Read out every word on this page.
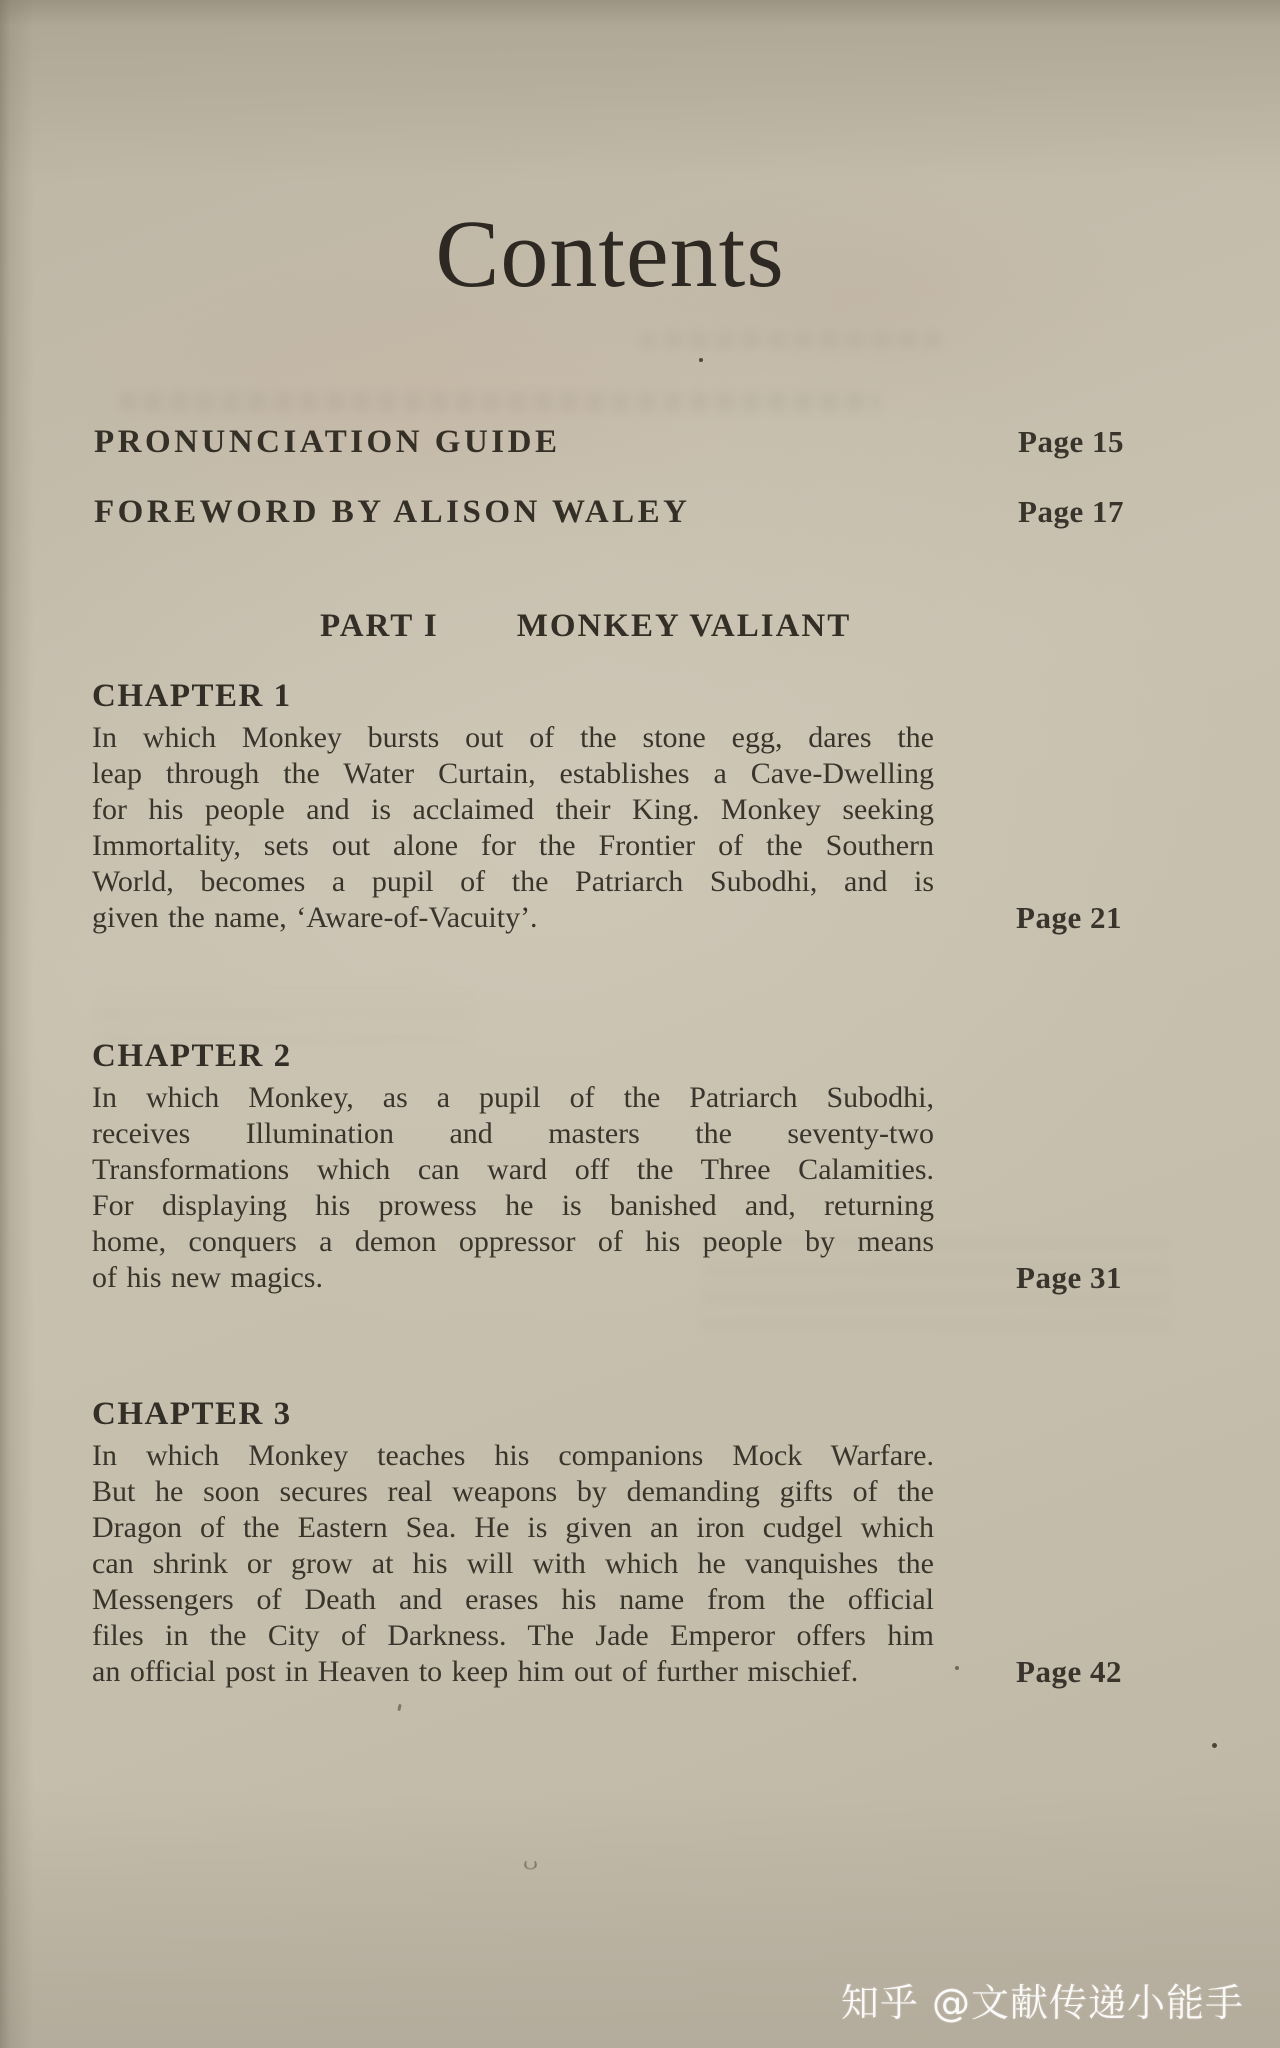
Contents
PRONUNCIATION GUIDE	Page 15
FOREWORD BY ALISON WALEY	Page 17
PART I MONKEY VALIANT
CHAPTER 1
In which Monkey bursts out of the stone egg, dares the
leap through the Water Curtain, establishes a Cave-Dwelling
for his people and is acclaimed their King. Monkey seeking
Immortality, sets out alone for the Frontier of the Southern
World, becomes a pupil of the Patriarch Subodhi, and is
given the name, ‘Aware-of-Vacuity’.	Page 21
CHAPTER 2
In which Monkey, as a pupil of the Patriarch Subodhi,
receives Illumination and masters the seventy-two
Transformations which can ward off the Three Calamities.
For displaying his prowess he is banished and, returning
home, conquers a demon oppressor of his people by means
of his new magics.	Page 31
CHAPTER 3
In which Monkey teaches his companions Mock Warfare.
But he soon secures real weapons by demanding gifts of the
Dragon of the Eastern Sea. He is given an iron cudgel which
can shrink or grow at his will with which he vanquishes the
Messengers of Death and erases his name from the official
files in the City of Darkness. The Jade Emperor offers him
an official post in Heaven to keep him out of further mischief.	Page 42
知乎 @文献传递小能手
